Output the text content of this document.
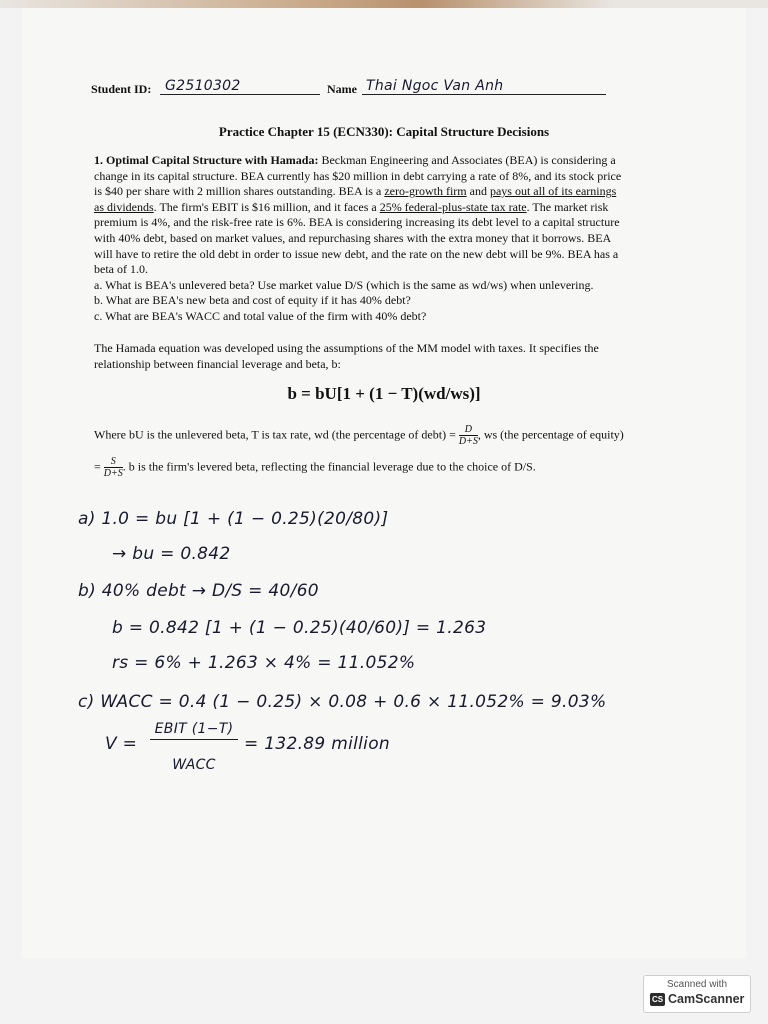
Student ID: G2510302	Name Thai Ngoc Van Anh
Practice Chapter 15 (ECN330): Capital Structure Decisions
1. Optimal Capital Structure with Hamada: Beckman Engineering and Associates (BEA) is considering a
change in its capital structure. BEA currently has $20 million in debt carrying a rate of 8%, and its stock price
is $40 per share with 2 million shares outstanding. BEA is a zero-growth firm and pays out all of its earnings
as dividends. The firm's EBIT is $16 million, and it faces a 25% federal-plus-state tax rate. The market risk
premium is 4%, and the risk-free rate is 6%. BEA is considering increasing its debt level to a capital structure
with 40% debt, based on market values, and repurchasing shares with the extra money that it borrows. BEA
will have to retire the old debt in order to issue new debt, and the rate on the new debt will be 9%. BEA has a
beta of 1.0.
a. What is BEA's unlevered beta? Use market value D/S (which is the same as wd/ws) when unlevering.
b. What are BEA's new beta and cost of equity if it has 40% debt?
c. What are BEA's WACC and total value of the firm with 40% debt?
The Hamada equation was developed using the assumptions of the MM model with taxes. It specifies the
relationship between financial leverage and beta, b:
b = bU[1 + (1 − T)(wd/ws)]
Where bU is the unlevered beta, T is tax rate, wd (the percentage of debt) = $\frac{D}{D+S}$ , ws (the percentage of equity)
= $\frac{S}{D+S}$ . b is the firm's levered beta, reflecting the financial leverage due to the choice of D/S.
a) 1.0 = bu [1 + (1 − 0.25)(20/80)]
→ bu = 0.842
b) 40% debt → D/S = 40/60
b = 0.842 [1 + (1 − 0.25)(40/60)] = 1.263
rs = 6% + 1.263 × 4% = 11.052%
c) WACC = 0.4 (1 − 0.25) × 0.08 + 0.6 × 11.052% = 9.03%
V =
EBIT (1−T)
WACC
= 132.89 million
Scanned with
CS CamScanner
